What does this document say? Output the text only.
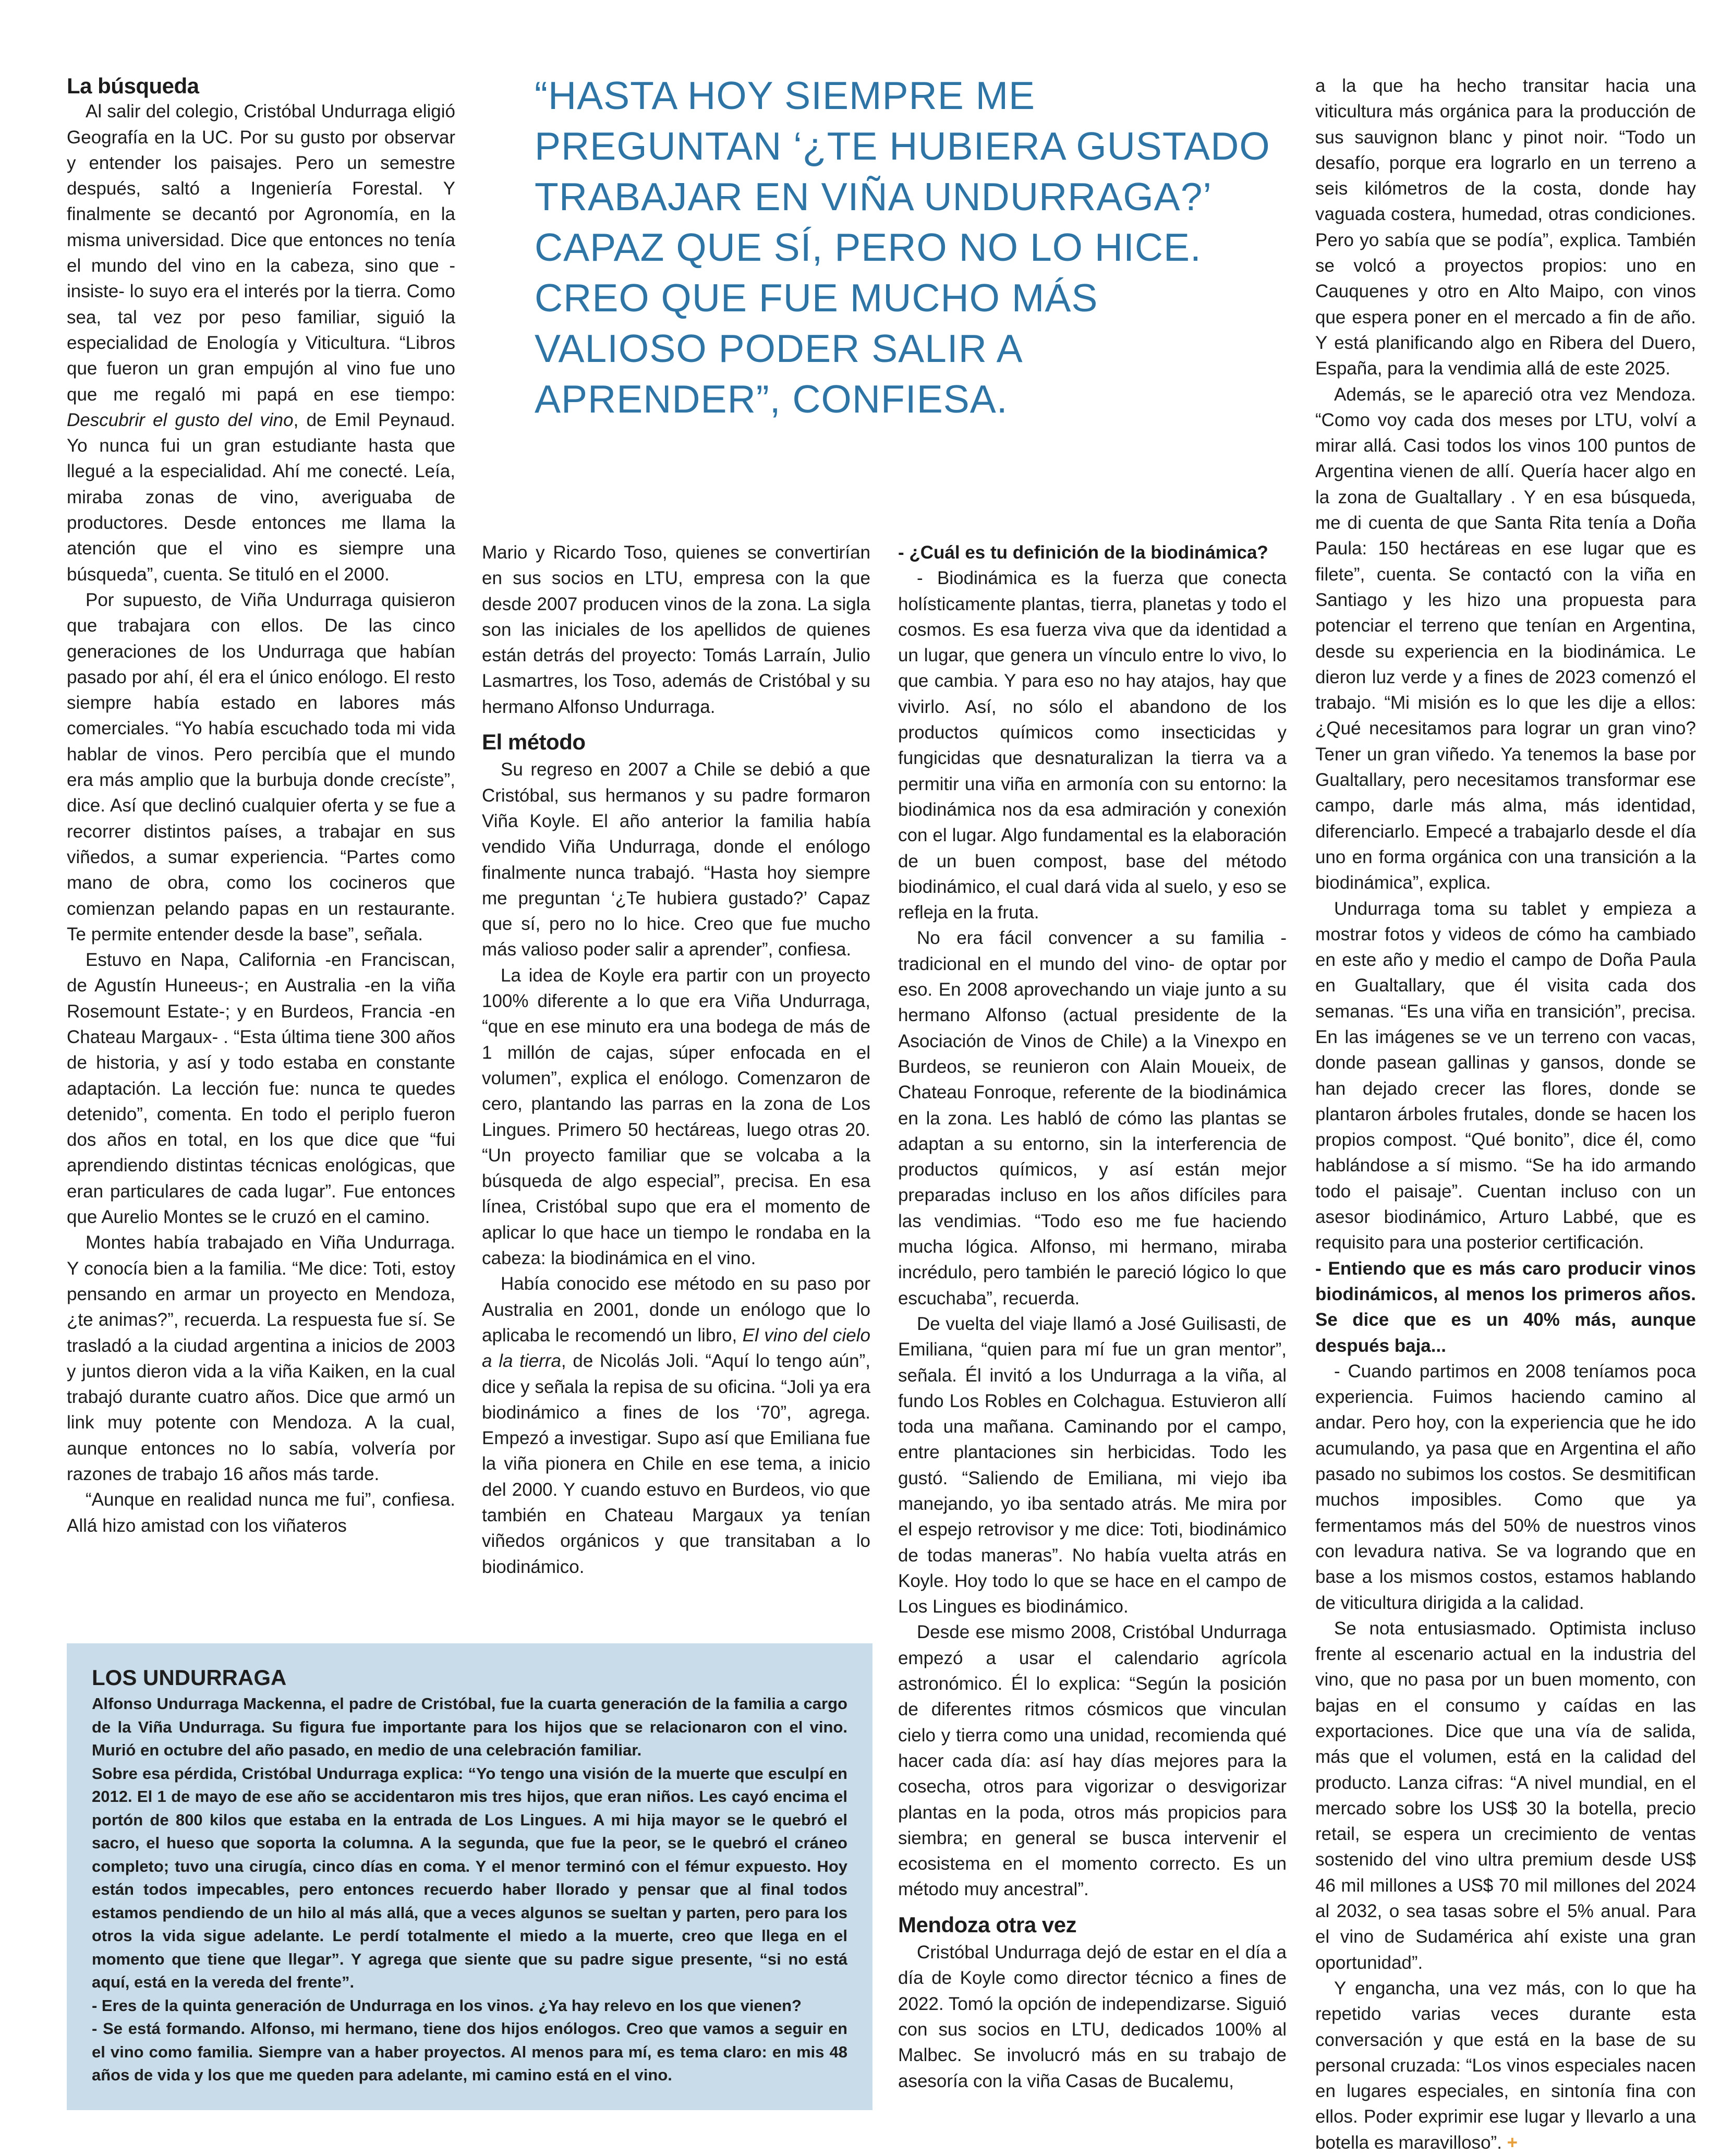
La búsqueda

Al salir del colegio, Cristóbal Undurraga eligió Geografía en la UC. Por su gusto por observar y entender los paisajes. Pero un semestre después, saltó a Ingeniería Forestal. Y finalmente se decantó por Agronomía, en la misma universidad. Dice que entonces no tenía el mundo del vino en la cabeza, sino que -insiste- lo suyo era el interés por la tierra. Como sea, tal vez por peso familiar, siguió la especialidad de Enología y Viticultura. “Libros que fueron un gran empujón al vino fue uno que me regaló mi papá en ese tiempo: Descubrir el gusto del vino, de Emil Peynaud. Yo nunca fui un gran estudiante hasta que llegué a la especialidad. Ahí me conecté. Leía, miraba zonas de vino, averiguaba de productores. Desde entonces me llama la atención que el vino es siempre una búsqueda”, cuenta. Se tituló en el 2000.

Por supuesto, de Viña Undurraga quisieron que trabajara con ellos. De las cinco generaciones de los Undurraga que habían pasado por ahí, él era el único enólogo. El resto siempre había estado en labores más comerciales. “Yo había escuchado toda mi vida hablar de vinos. Pero percibía que el mundo era más amplio que la burbuja donde crecíste”, dice. Así que declinó cualquier oferta y se fue a recorrer distintos países, a trabajar en sus viñedos, a sumar experiencia. “Partes como mano de obra, como los cocineros que comienzan pelando papas en un restaurante. Te permite entender desde la base”, señala.

Estuvo en Napa, California -en Franciscan, de Agustín Huneeus-; en Australia -en la viña Rosemount Estate-; y en Burdeos, Francia -en Chateau Margaux- . “Esta última tiene 300 años de historia, y así y todo estaba en constante adaptación. La lección fue: nunca te quedes detenido”, comenta. En todo el periplo fueron dos años en total, en los que dice que “fui aprendiendo distintas técnicas enológicas, que eran particulares de cada lugar”. Fue entonces que Aurelio Montes se le cruzó en el camino.

Montes había trabajado en Viña Undurraga. Y conocía bien a la familia. “Me dice: Toti, estoy pensando en armar un proyecto en Mendoza, ¿te animas?”, recuerda. La respuesta fue sí. Se trasladó a la ciudad argentina a inicios de 2003 y juntos dieron vida a la viña Kaiken, en la cual trabajó durante cuatro años. Dice que armó un link muy potente con Mendoza. A la cual, aunque entonces no lo sabía, volvería por razones de trabajo 16 años más tarde.

“Aunque en realidad nunca me fui”, confiesa. Allá hizo amistad con los viñateros

“HASTA HOY SIEMPRE ME PREGUNTAN ‘¿TE HUBIERA GUSTADO TRABAJAR EN VIÑA UNDURRAGA?’ CAPAZ QUE SÍ, PERO NO LO HICE. CREO QUE FUE MUCHO MÁS VALIOSO PODER SALIR A APRENDER”, CONFIESA.

Mario y Ricardo Toso, quienes se convertirían en sus socios en LTU, empresa con la que desde 2007 producen vinos de la zona. La sigla son las iniciales de los apellidos de quienes están detrás del proyecto: Tomás Larraín, Julio Lasmartres, los Toso, además de Cristóbal y su hermano Alfonso Undurraga.

El método

Su regreso en 2007 a Chile se debió a que Cristóbal, sus hermanos y su padre formaron Viña Koyle. El año anterior la familia había vendido Viña Undurraga, donde el enólogo finalmente nunca trabajó. “Hasta hoy siempre me preguntan ‘¿Te hubiera gustado?’ Capaz que sí, pero no lo hice. Creo que fue mucho más valioso poder salir a aprender”, confiesa.

La idea de Koyle era partir con un proyecto 100% diferente a lo que era Viña Undurraga, “que en ese minuto era una bodega de más de 1 millón de cajas, súper enfocada en el volumen”, explica el enólogo. Comenzaron de cero, plantando las parras en la zona de Los Lingues. Primero 50 hectáreas, luego otras 20. “Un proyecto familiar que se volcaba a la búsqueda de algo especial”, precisa. En esa línea, Cristóbal supo que era el momento de aplicar lo que hace un tiempo le rondaba en la cabeza: la biodinámica en el vino.

Había conocido ese método en su paso por Australia en 2001, donde un enólogo que lo aplicaba le recomendó un libro, El vino del cielo a la tierra, de Nicolás Joli. “Aquí lo tengo aún”, dice y señala la repisa de su oficina. “Joli ya era biodinámico a fines de los ‘70”, agrega. Empezó a investigar. Supo así que Emiliana fue la viña pionera en Chile en ese tema, a inicio del 2000. Y cuando estuvo en Burdeos, vio que también en Chateau Margaux ya tenían viñedos orgánicos y que transitaban a lo biodinámico.

- ¿Cuál es tu definición de la biodinámica?

- Biodinámica es la fuerza que conecta holísticamente plantas, tierra, planetas y todo el cosmos. Es esa fuerza viva que da identidad a un lugar, que genera un vínculo entre lo vivo, lo que cambia. Y para eso no hay atajos, hay que vivirlo. Así, no sólo el abandono de los productos químicos como insecticidas y fungicidas que desnaturalizan la tierra va a permitir una viña en armonía con su entorno: la biodinámica nos da esa admiración y conexión con el lugar. Algo fundamental es la elaboración de un buen compost, base del método biodinámico, el cual dará vida al suelo, y eso se refleja en la fruta.

No era fácil convencer a su familia -tradicional en el mundo del vino- de optar por eso. En 2008 aprovechando un viaje junto a su hermano Alfonso (actual presidente de la Asociación de Vinos de Chile) a la Vinexpo en Burdeos, se reunieron con Alain Moueix, de Chateau Fonroque, referente de la biodinámica en la zona. Les habló de cómo las plantas se adaptan a su entorno, sin la interferencia de productos químicos, y así están mejor preparadas incluso en los años difíciles para las vendimias. “Todo eso me fue haciendo mucha lógica. Alfonso, mi hermano, miraba incrédulo, pero también le pareció lógico lo que escuchaba”, recuerda.

De vuelta del viaje llamó a José Guilisasti, de Emiliana, “quien para mí fue un gran mentor”, señala. Él invitó a los Undurraga a la viña, al fundo Los Robles en Colchagua. Estuvieron allí toda una mañana. Caminando por el campo, entre plantaciones sin herbicidas. Todo les gustó. “Saliendo de Emiliana, mi viejo iba manejando, yo iba sentado atrás. Me mira por el espejo retrovisor y me dice: Toti, biodinámico de todas maneras”. No había vuelta atrás en Koyle. Hoy todo lo que se hace en el campo de Los Lingues es biodinámico.

Desde ese mismo 2008, Cristóbal Undurraga empezó a usar el calendario agrícola astronómico. Él lo explica: “Según la posición de diferentes ritmos cósmicos que vinculan cielo y tierra como una unidad, recomienda qué hacer cada día: así hay días mejores para la cosecha, otros para vigorizar o desvigorizar plantas en la poda, otros más propicios para siembra; en general se busca intervenir el ecosistema en el momento correcto. Es un método muy ancestral”.

Mendoza otra vez

Cristóbal Undurraga dejó de estar en el día a día de Koyle como director técnico a fines de 2022. Tomó la opción de independizarse. Siguió con sus socios en LTU, dedicados 100% al Malbec. Se involucró más en su trabajo de asesoría con la viña Casas de Bucalemu,

a la que ha hecho transitar hacia una viticultura más orgánica para la producción de sus sauvignon blanc y pinot noir. “Todo un desafío, porque era lograrlo en un terreno a seis kilómetros de la costa, donde hay vaguada costera, humedad, otras condiciones. Pero yo sabía que se podía”, explica. También se volcó a proyectos propios: uno en Cauquenes y otro en Alto Maipo, con vinos que espera poner en el mercado a fin de año. Y está planificando algo en Ribera del Duero, España, para la vendimia allá de este 2025.

Además, se le apareció otra vez Mendoza. “Como voy cada dos meses por LTU, volví a mirar allá. Casi todos los vinos 100 puntos de Argentina vienen de allí. Quería hacer algo en la zona de Gualtallary . Y en esa búsqueda, me di cuenta de que Santa Rita tenía a Doña Paula: 150 hectáreas en ese lugar que es filete”, cuenta. Se contactó con la viña en Santiago y les hizo una propuesta para potenciar el terreno que tenían en Argentina, desde su experiencia en la biodinámica. Le dieron luz verde y a fines de 2023 comenzó el trabajo. “Mi misión es lo que les dije a ellos: ¿Qué necesitamos para lograr un gran vino? Tener un gran viñedo. Ya tenemos la base por Gualtallary, pero necesitamos transformar ese campo, darle más alma, más identidad, diferenciarlo. Empecé a trabajarlo desde el día uno en forma orgánica con una transición a la biodinámica”, explica.

Undurraga toma su tablet y empieza a mostrar fotos y videos de cómo ha cambiado en este año y medio el campo de Doña Paula en Gualtallary, que él visita cada dos semanas. “Es una viña en transición”, precisa. En las imágenes se ve un terreno con vacas, donde pasean gallinas y gansos, donde se han dejado crecer las flores, donde se plantaron árboles frutales, donde se hacen los propios compost. “Qué bonito”, dice él, como hablándose a sí mismo. “Se ha ido armando todo el paisaje”. Cuentan incluso con un asesor biodinámico, Arturo Labbé, que es requisito para una posterior certificación.

- Entiendo que es más caro producir vinos biodinámicos, al menos los primeros años. Se dice que es un 40% más, aunque después baja...

- Cuando partimos en 2008 teníamos poca experiencia. Fuimos haciendo camino al andar. Pero hoy, con la experiencia que he ido acumulando, ya pasa que en Argentina el año pasado no subimos los costos. Se desmitifican muchos imposibles. Como que ya fermentamos más del 50% de nuestros vinos con levadura nativa. Se va logrando que en base a los mismos costos, estamos hablando de viticultura dirigida a la calidad.

Se nota entusiasmado. Optimista incluso frente al escenario actual en la industria del vino, que no pasa por un buen momento, con bajas en el consumo y caídas en las exportaciones. Dice que una vía de salida, más que el volumen, está en la calidad del producto. Lanza cifras: “A nivel mundial, en el mercado sobre los US$ 30 la botella, precio retail, se espera un crecimiento de ventas sostenido del vino ultra premium desde US$ 46 mil millones a US$ 70 mil millones del 2024 al 2032, o sea tasas sobre el 5% anual. Para el vino de Sudamérica ahí existe una gran oportunidad”.

Y engancha, una vez más, con lo que ha repetido varias veces durante esta conversación y que está en la base de su personal cruzada: “Los vinos especiales nacen en lugares especiales, en sintonía fina con ellos. Poder exprimir ese lugar y llevarlo a una botella es maravilloso”. +

LOS UNDURRAGA

Alfonso Undurraga Mackenna, el padre de Cristóbal, fue la cuarta generación de la familia a cargo de la Viña Undurraga. Su figura fue importante para los hijos que se relacionaron con el vino. Murió en octubre del año pasado, en medio de una celebración familiar.

Sobre esa pérdida, Cristóbal Undurraga explica: “Yo tengo una visión de la muerte que esculpí en 2012. El 1 de mayo de ese año se accidentaron mis tres hijos, que eran niños. Les cayó encima el portón de 800 kilos que estaba en la entrada de Los Lingues. A mi hija mayor se le quebró el sacro, el hueso que soporta la columna. A la segunda, que fue la peor, se le quebró el cráneo completo; tuvo una cirugía, cinco días en coma. Y el menor terminó con el fémur expuesto. Hoy están todos impecables, pero entonces recuerdo haber llorado y pensar que al final todos estamos pendiendo de un hilo al más allá, que a veces algunos se sueltan y parten, pero para los otros la vida sigue adelante. Le perdí totalmente el miedo a la muerte, creo que llega en el momento que tiene que llegar”. Y agrega que siente que su padre sigue presente, “si no está aquí, está en la vereda del frente”.

- Eres de la quinta generación de Undurraga en los vinos. ¿Ya hay relevo en los que vienen?

- Se está formando. Alfonso, mi hermano, tiene dos hijos enólogos. Creo que vamos a seguir en el vino como familia. Siempre van a haber proyectos. Al menos para mí, es tema claro: en mis 48 años de vida y los que me queden para adelante, mi camino está en el vino.
